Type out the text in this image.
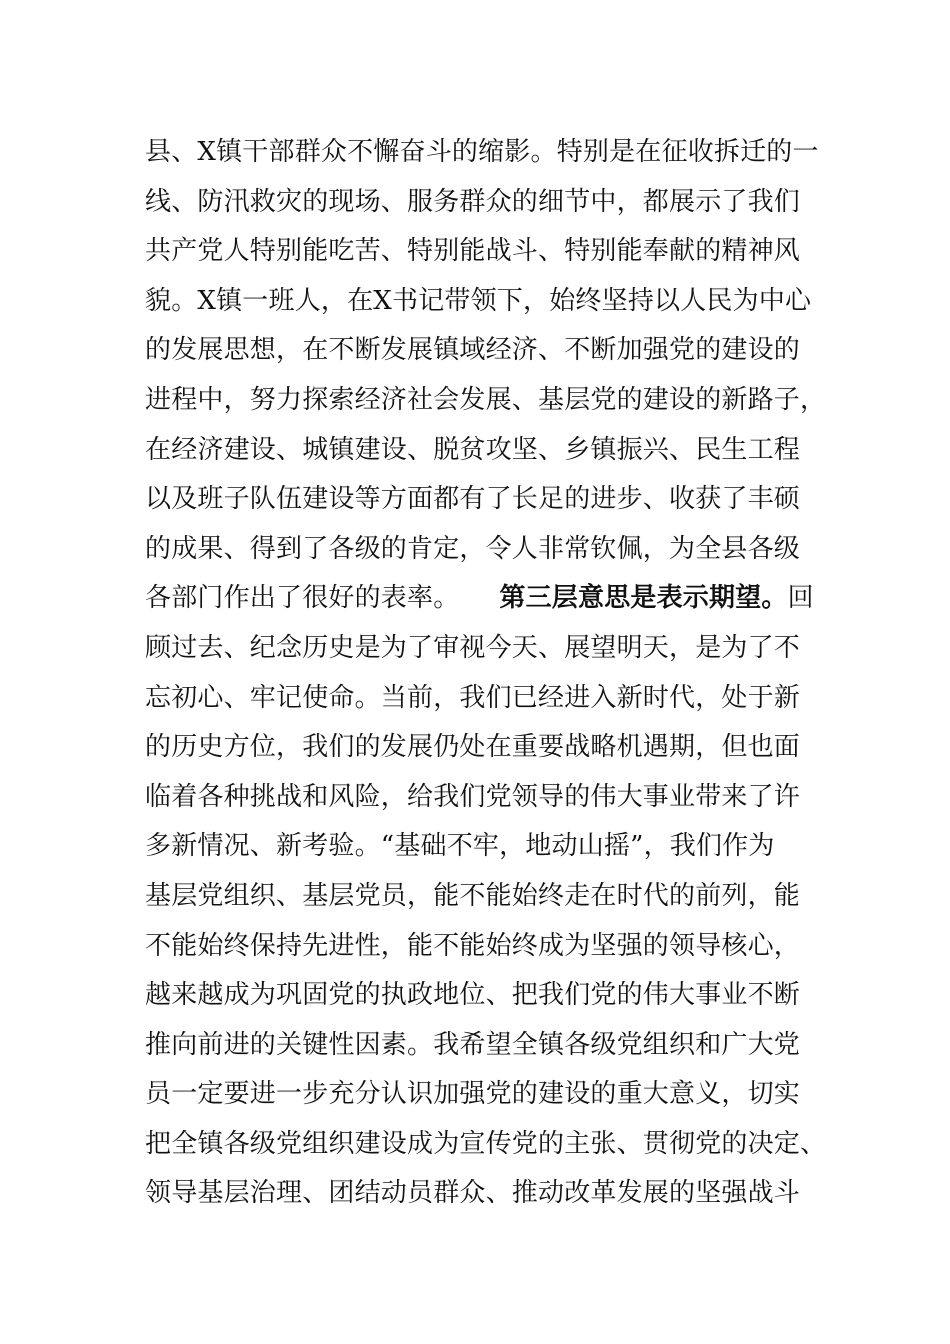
县、X镇干部群众不懈奋斗的缩影。特别是在征收拆迁的一
线、防汛救灾的现场、服务群众的细节中，都展示了我们
共产党人特别能吃苦、特别能战斗、特别能奉献的精神风
貌。X镇一班人，在X书记带领下，始终坚持以人民为中心
的发展思想，在不断发展镇域经济、不断加强党的建设的
进程中，努力探索经济社会发展、基层党的建设的新路子，
在经济建设、城镇建设、脱贫攻坚、乡镇振兴、民生工程
以及班子队伍建设等方面都有了长足的进步、收获了丰硕
的成果、得到了各级的肯定，令人非常钦佩，为全县各级
各部门作出了很好的表率。 第三层意思是表示期望。回
顾过去、纪念历史是为了审视今天、展望明天，是为了不
忘初心、牢记使命。当前，我们已经进入新时代，处于新
的历史方位，我们的发展仍处在重要战略机遇期，但也面
临着各种挑战和风险，给我们党领导的伟大事业带来了许
多新情况、新考验。“基础不牢，地动山摇”，我们作为
基层党组织、基层党员，能不能始终走在时代的前列，能
不能始终保持先进性，能不能始终成为坚强的领导核心，
越来越成为巩固党的执政地位、把我们党的伟大事业不断
推向前进的关键性因素。我希望全镇各级党组织和广大党
员一定要进一步充分认识加强党的建设的重大意义，切实
把全镇各级党组织建设成为宣传党的主张、贯彻党的决定、
领导基层治理、团结动员群众、推动改革发展的坚强战斗
